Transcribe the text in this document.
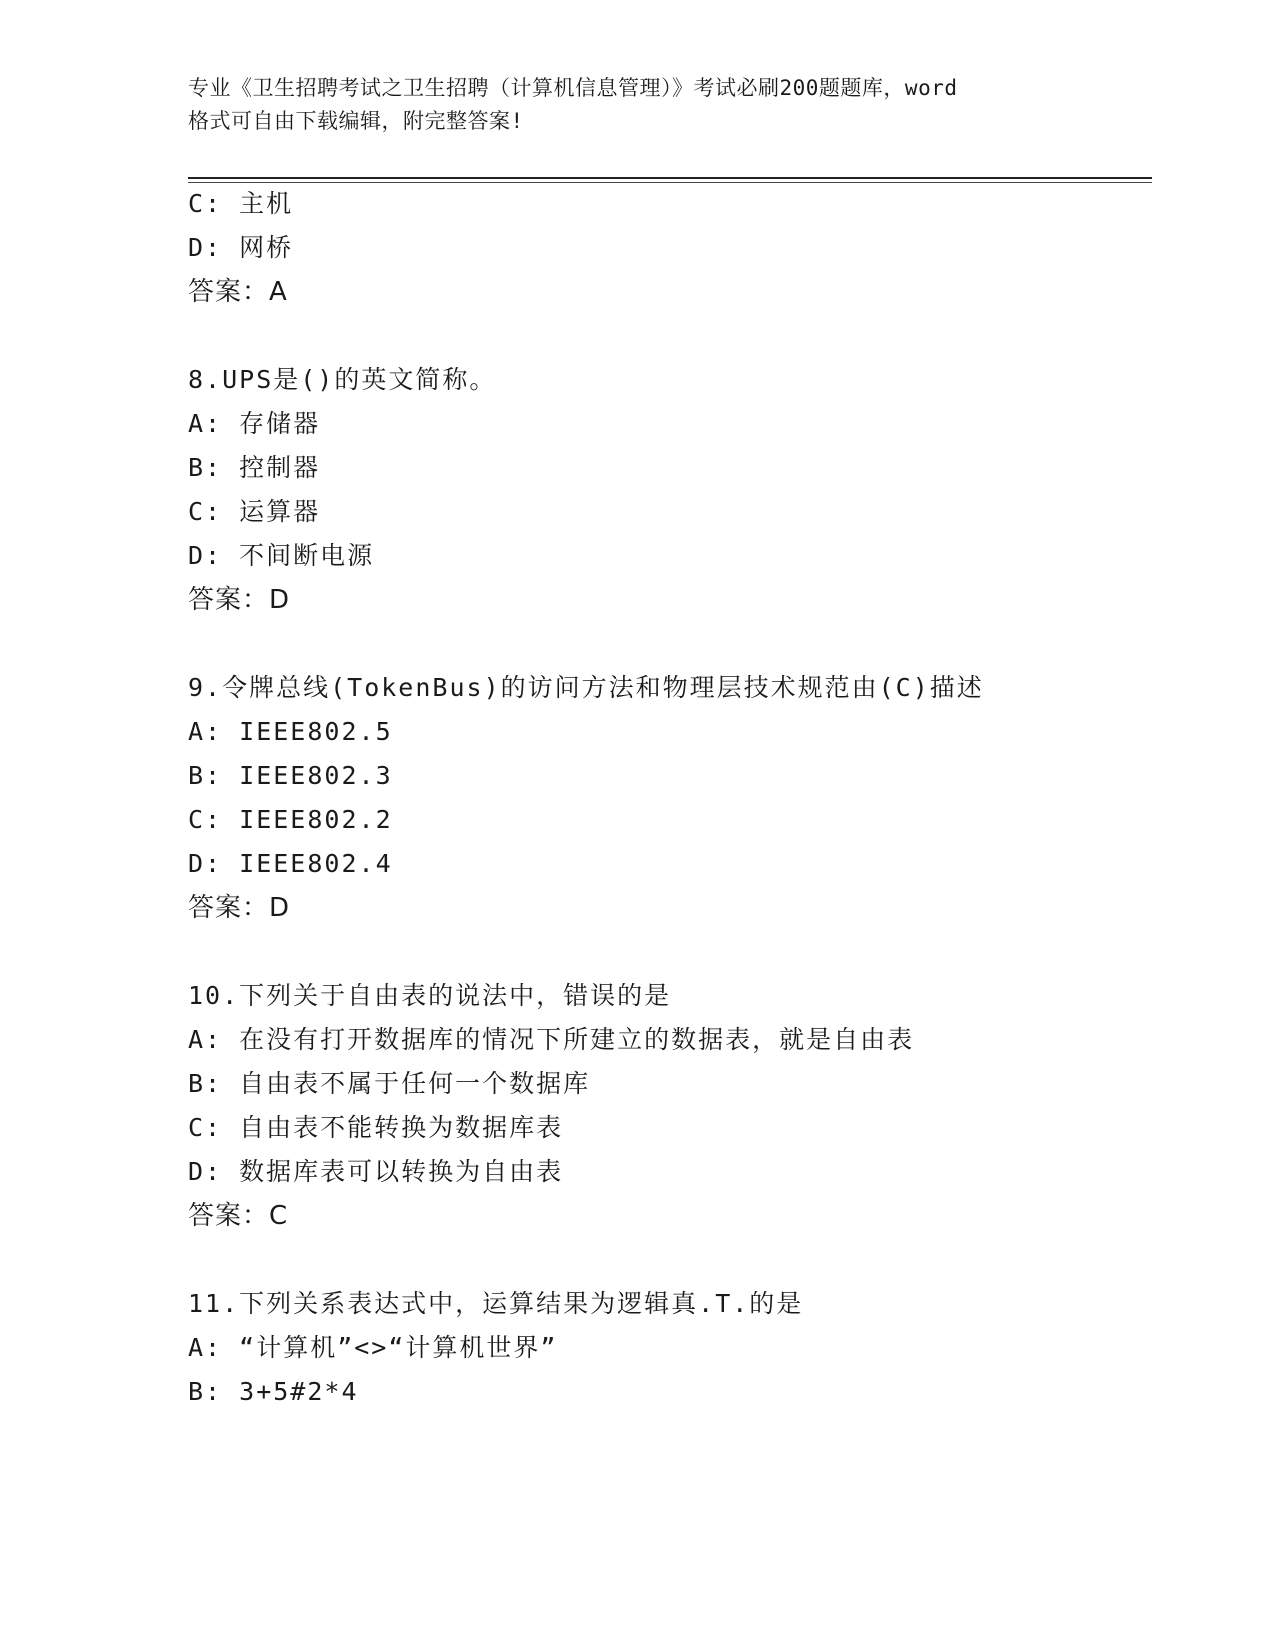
专业《卫生招聘考试之卫生招聘（计算机信息管理）》考试必刷200题题库，word
格式可自由下载编辑，附完整答案!
C: 主机
D: 网桥
答案：A
8.UPS是()的英文简称。
A: 存储器
B: 控制器
C: 运算器
D: 不间断电源
答案：D
9.令牌总线(TokenBus)的访问方法和物理层技术规范由(C)描述
A: IEEE802.5
B: IEEE802.3
C: IEEE802.2
D: IEEE802.4
答案：D
10.下列关于自由表的说法中，错误的是
A: 在没有打开数据库的情况下所建立的数据表，就是自由表
B: 自由表不属于任何一个数据库
C: 自由表不能转换为数据库表
D: 数据库表可以转换为自由表
答案：C
11.下列关系表达式中，运算结果为逻辑真.T.的是
A: “计算机”<>“计算机世界”
B: 3+5#2*4
